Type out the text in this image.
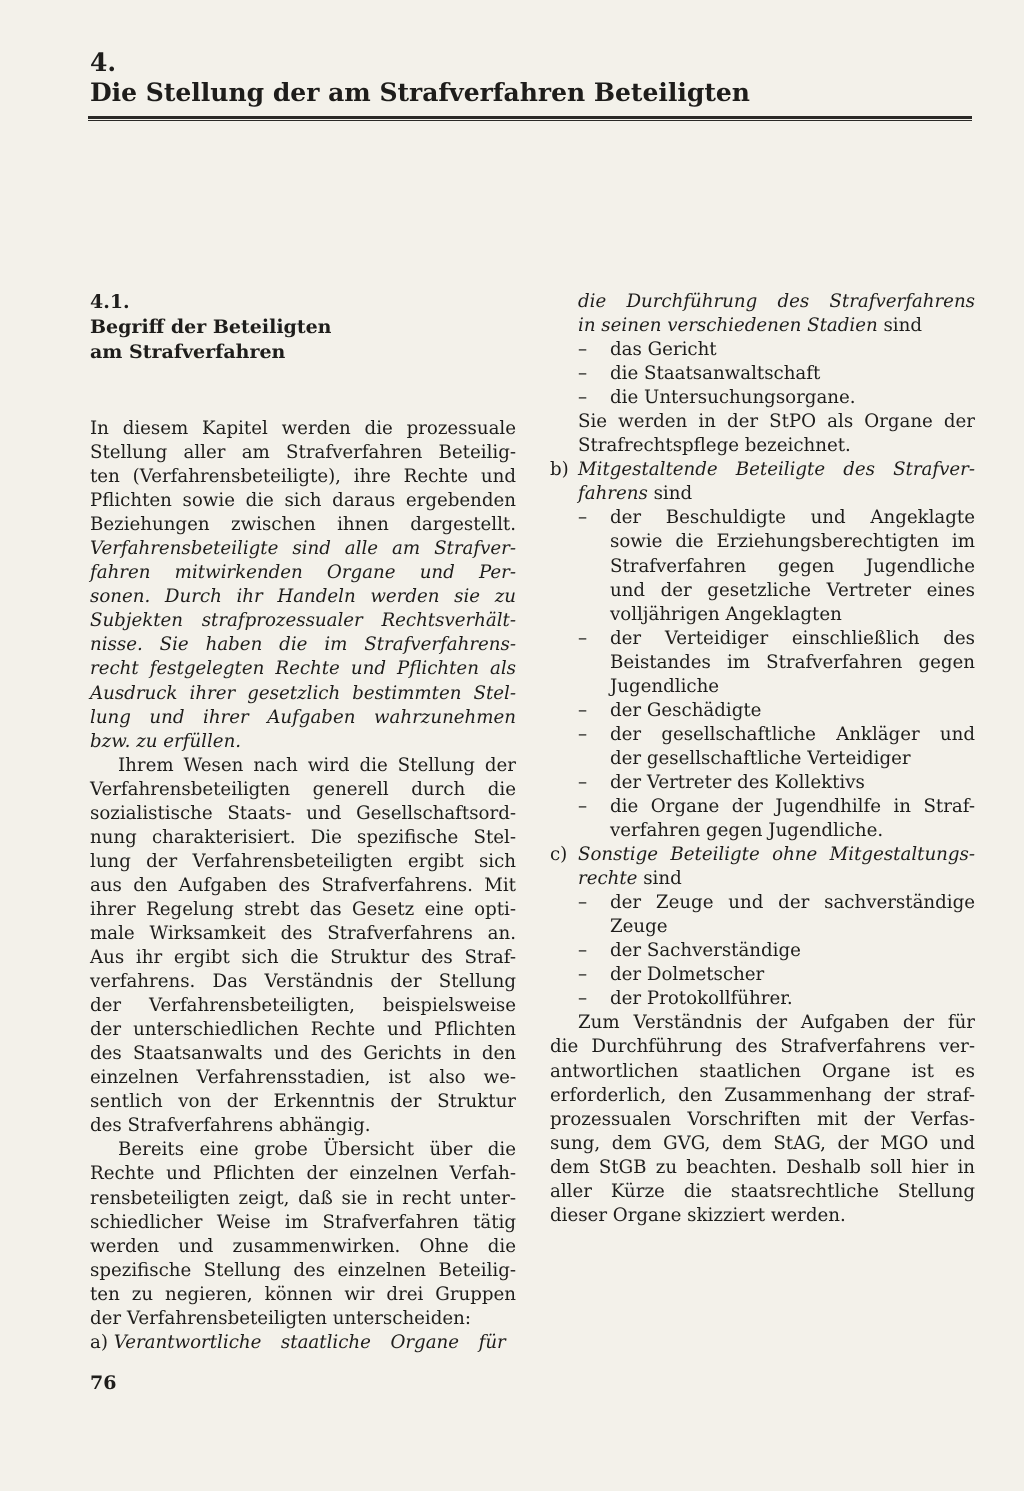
4.
Die Stellung der am Strafverfahren Beteiligten

4.1.

Begriff der Beteiligten

am Strafverfahren

In diesem Kapitel werden die prozessuale
Stellung aller am Strafverfahren Beteilig-
ten (Verfahrensbeteiligte), ihre Rechte und
Pflichten sowie die sich daraus ergebenden
Beziehungen zwischen ihnen dargestellt.
Verfahrensbeteiligte sind alle am Strafver-
fahren mitwirkenden Organe und Per-
sonen. Durch ihr Handeln werden sie zu
Subjekten strafprozessualer Rechtsverhält-
nisse. Sie haben die im Strafverfahrens-
recht festgelegten Rechte und Pflichten als
Ausdruck ihrer gesetzlich bestimmten Stel-
lung und ihrer Aufgaben wahrzunehmen
bzw. zu erfüllen.
Ihrem Wesen nach wird die Stellung der
Verfahrensbeteiligten generell durch die
sozialistische Staats- und Gesellschaftsord-
nung charakterisiert. Die spezifische Stel-
lung der Verfahrensbeteiligten ergibt sich
aus den Aufgaben des Strafverfahrens. Mit
ihrer Regelung strebt das Gesetz eine opti-
male Wirksamkeit des Strafverfahrens an.
Aus ihr ergibt sich die Struktur des Straf-
verfahrens. Das Verständnis der Stellung
der Verfahrensbeteiligten, beispielsweise
der unterschiedlichen Rechte und Pflichten
des Staatsanwalts und des Gerichts in den
einzelnen Verfahrensstadien, ist also we-
sentlich von der Erkenntnis der Struktur
des Strafverfahrens abhängig.
Bereits eine grobe Übersicht über die
Rechte und Pflichten der einzelnen Verfah-
rensbeteiligten zeigt, daß sie in recht unter-
schiedlicher Weise im Strafverfahren tätig
werden und zusammenwirken. Ohne die
spezifische Stellung des einzelnen Beteilig-
ten zu negieren, können wir drei Gruppen
der Verfahrensbeteiligten unterscheiden:
a) Verantwortliche staatliche Organe für
die Durchführung des Strafverfahrens
in seinen verschiedenen Stadien sind
–	das Gericht
–	die Staatsanwaltschaft
–	die Untersuchungsorgane.
Sie werden in der StPO als Organe der
Strafrechtspflege bezeichnet.
b) Mitgestaltende Beteiligte des Strafver-
fahrens sind
–	der Beschuldigte und Angeklagte
sowie die Erziehungsberechtigten im
Strafverfahren gegen Jugendliche
und der gesetzliche Vertreter eines
volljährigen Angeklagten
–	der Verteidiger einschließlich des
Beistandes im Strafverfahren gegen
Jugendliche
–	der Geschädigte
–	der gesellschaftliche Ankläger und
der gesellschaftliche Verteidiger
–	der Vertreter des Kollektivs
–	die Organe der Jugendhilfe in Straf-
verfahren gegen Jugendliche.
c) Sonstige Beteiligte ohne Mitgestaltungs-
rechte sind
–	der Zeuge und der sachverständige
Zeuge
–	der Sachverständige
–	der Dolmetscher
–	der Protokollführer.
Zum Verständnis der Aufgaben der für
die Durchführung des Strafverfahrens ver-
antwortlichen staatlichen Organe ist es
erforderlich, den Zusammenhang der straf-
prozessualen Vorschriften mit der Verfas-
sung, dem GVG, dem StAG, der MGO und
dem StGB zu beachten. Deshalb soll hier in
aller Kürze die staatsrechtliche Stellung
dieser Organe skizziert werden.

76
